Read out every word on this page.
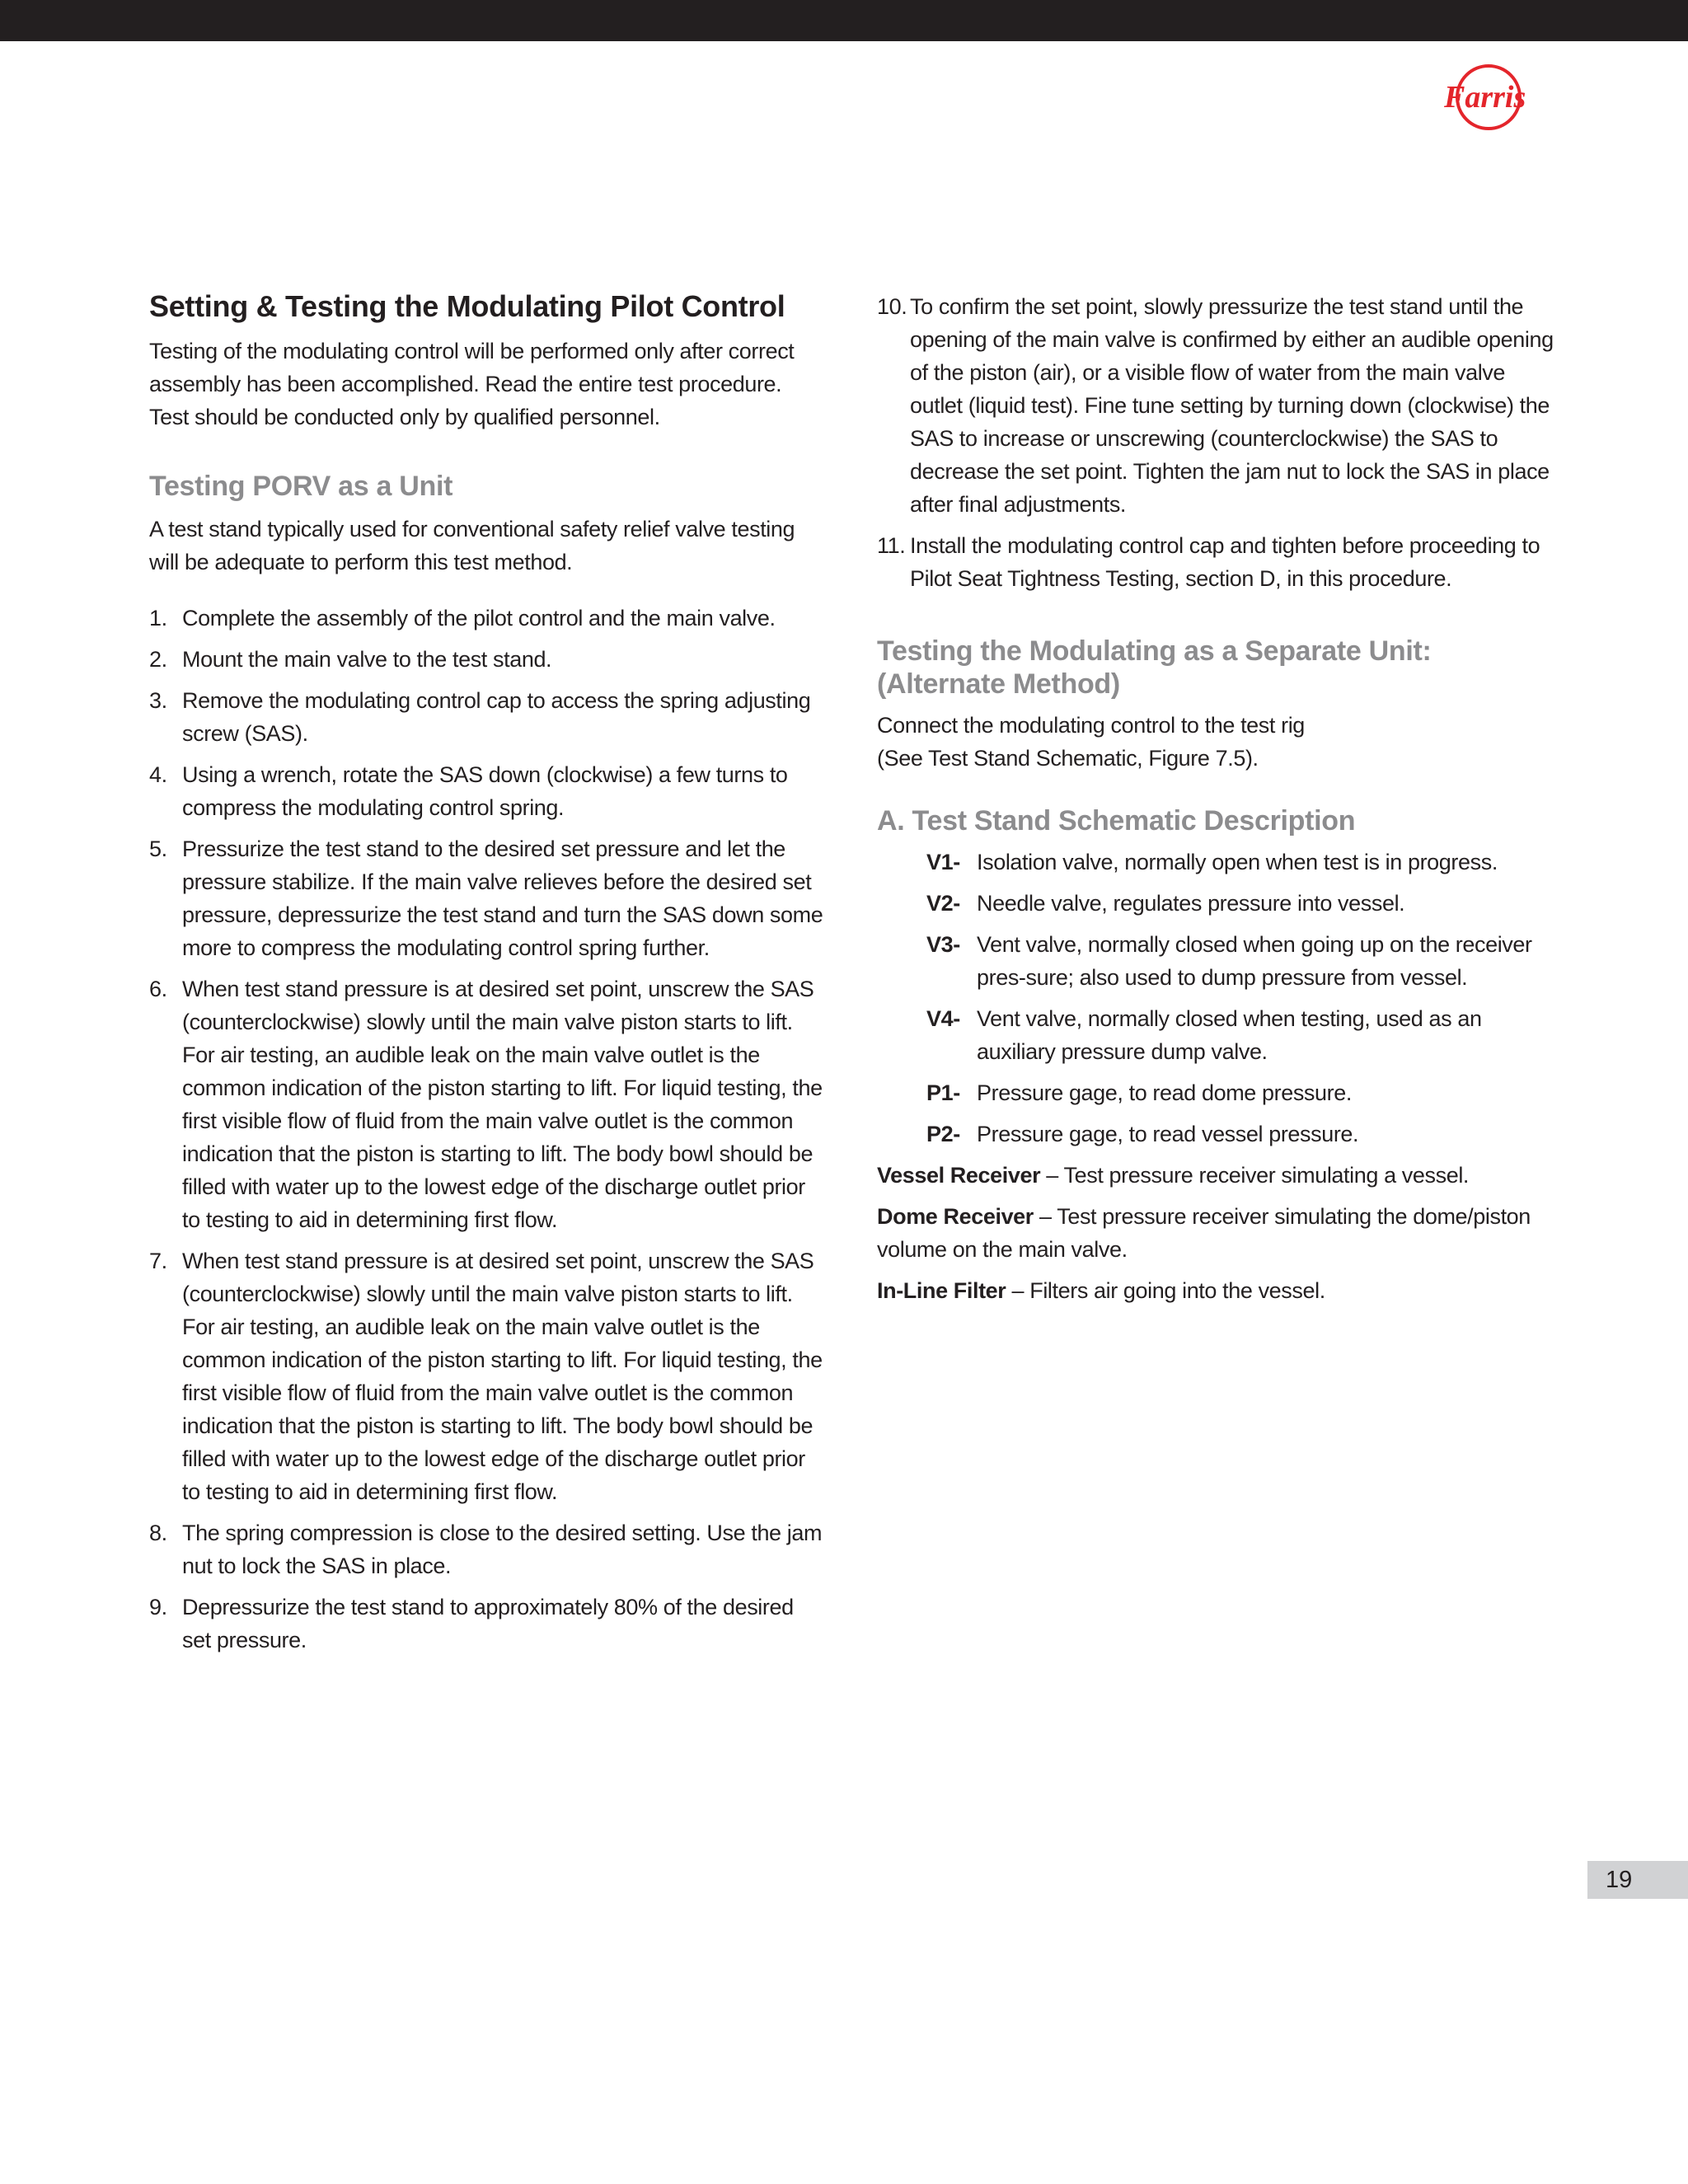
Farris
Setting & Testing the Modulating Pilot Control

Testing of the modulating control will be performed only after correct assembly has been accomplished. Read the entire test procedure. Test should be conducted only by qualified personnel.

Testing PORV as a Unit

A test stand typically used for conventional safety relief valve testing will be adequate to perform this test method.

1. Complete the assembly of the pilot control and the main valve.
2. Mount the main valve to the test stand.
3. Remove the modulating control cap to access the spring adjusting screw (SAS).
4. Using a wrench, rotate the SAS down (clockwise) a few turns to compress the modulating control spring.
5. Pressurize the test stand to the desired set pressure and let the pressure stabilize. If the main valve relieves before the desired set pressure, depressurize the test stand and turn the SAS down some more to compress the modulating control spring further.
6. When test stand pressure is at desired set point, unscrew the SAS (counterclockwise) slowly until the main valve piston starts to lift. For air testing, an audible leak on the main valve outlet is the common indication of the piston starting to lift. For liquid testing, the first visible flow of fluid from the main valve outlet is the common indication that the piston is starting to lift. The body bowl should be filled with water up to the lowest edge of the discharge outlet prior to testing to aid in determining first flow.
7. When test stand pressure is at desired set point, unscrew the SAS (counterclockwise) slowly until the main valve piston starts to lift. For air testing, an audible leak on the main valve outlet is the common indication of the piston starting to lift. For liquid testing, the first visible flow of fluid from the main valve outlet is the common indication that the piston is starting to lift. The body bowl should be filled with water up to the lowest edge of the discharge outlet prior to testing to aid in determining first flow.
8. The spring compression is close to the desired setting. Use the jam nut to lock the SAS in place.
9. Depressurize the test stand to approximately 80% of the desired set pressure.
10. To confirm the set point, slowly pressurize the test stand until the opening of the main valve is confirmed by either an audible opening of the piston (air), or a visible flow of water from the main valve outlet (liquid test). Fine tune setting by turning down (clockwise) the SAS to increase or unscrewing (counterclockwise) the SAS to decrease the set point. Tighten the jam nut to lock the SAS in place after final adjustments.
11. Install the modulating control cap and tighten before proceeding to Pilot Seat Tightness Testing, section D, in this procedure.
Testing the Modulating as a Separate Unit:
(Alternate Method)

Connect the modulating control to the test rig
(See Test Stand Schematic, Figure 7.5).

A. Test Stand Schematic Description
V1- Isolation valve, normally open when test is in progress.
V2- Needle valve, regulates pressure into vessel.
V3- Vent valve, normally closed when going up on the receiver pres-sure; also used to dump pressure from vessel.
V4- Vent valve, normally closed when testing, used as an auxiliary pressure dump valve.
P1- Pressure gage, to read dome pressure.
P2- Pressure gage, to read vessel pressure.

Vessel Receiver – Test pressure receiver simulating a vessel.

Dome Receiver – Test pressure receiver simulating the dome/piston volume on the main valve.

In-Line Filter – Filters air going into the vessel.

19
